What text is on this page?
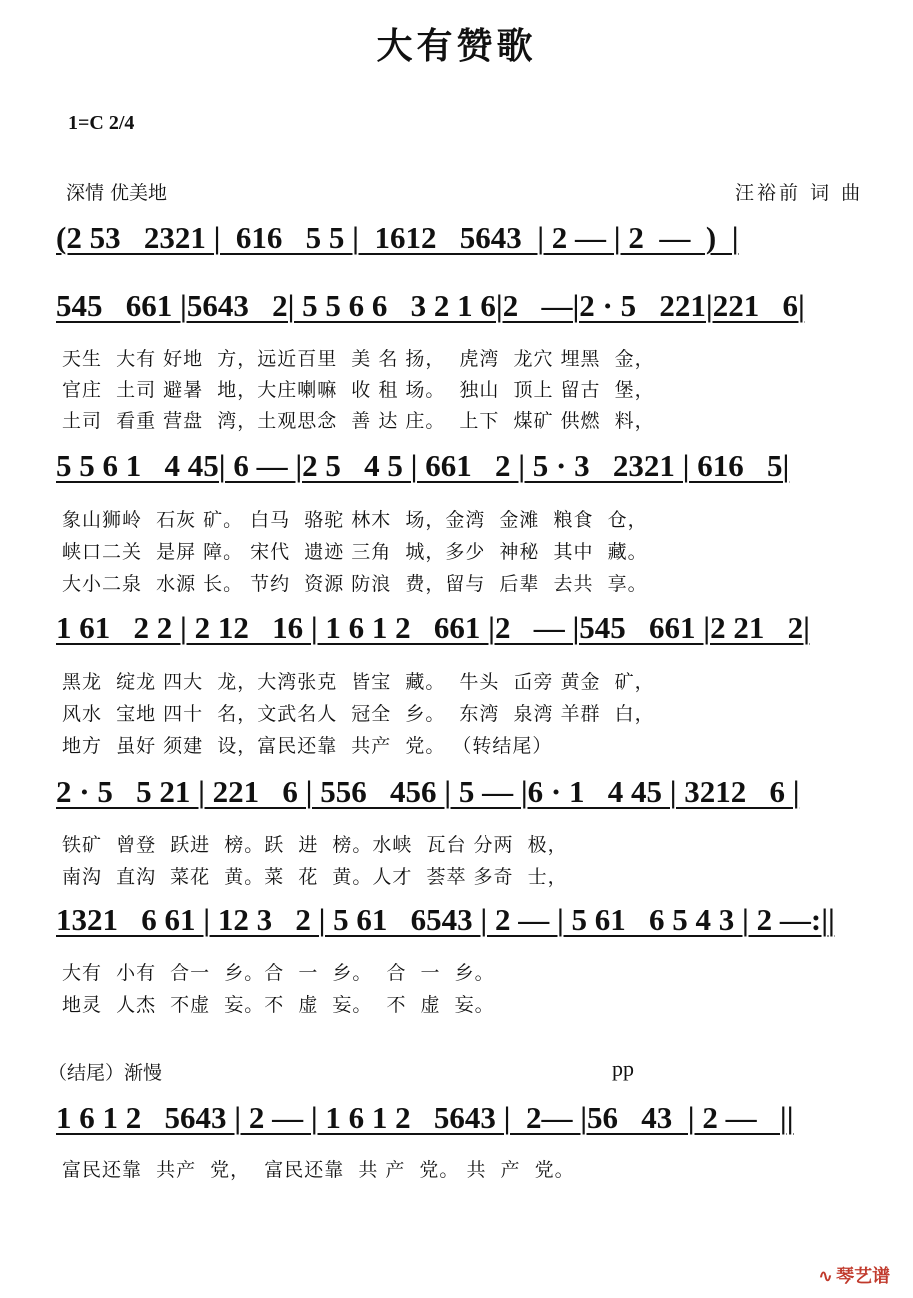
大有赞歌
1=C 2/4
深情 优美地	汪裕前 词 曲
(2 53   2321 |  616   5 5 |  1612   5643  | 2 — | 2  —  )  |
545   661 |5643   2| 5 5 6 6   3 2 1 6|2   —|2 · 5   221|221   6|
天生  大有 好地  方，远近百里  美 名 扬，  虎湾  龙穴 埋黑  金，
官庄  土司 避暑  地，大庄喇嘛  收 租 场。  独山  顶上 留古  堡，
土司  看重 营盘  湾，土观思念  善 达 庄。  上下  煤矿 供燃  料，
5 5 6 1   4 45| 6 — |2 5   4 5 | 661   2 | 5 · 3   2321 | 616   5|
象山狮岭  石灰 矿。 白马  骆驼 林木  场，金湾  金滩  粮食  仓，
峡口二关  是屏 障。 宋代  遗迹 三角  城，多少  神秘  其中  藏。
大小二泉  水源 长。 节约  资源 防浪  费，留与  后辈  去共  享。
1 61   2 2 | 2 12   16 | 1 6 1 2   661 |2   — |545   661 |2 21   2|
黑龙  绽龙 四大  龙，大湾张克  皆宝  藏。  牛头  屲旁 黄金  矿，
风水  宝地 四十  名，文武名人  冠全  乡。  东湾  泉湾 羊群  白，
地方  虽好 须建  设，富民还靠  共产  党。 （转结尾）
2 · 5   5 21 | 221   6 | 556   456 | 5 — |6 · 1   4 45 | 3212   6 |
铁矿  曾登  跃进  榜。跃  进  榜。水峡  瓦台 分两  极，
南沟  直沟  菜花  黄。菜  花  黄。人才  荟萃 多奇  士，
1321   6 61 | 12 3   2 | 5 61   6543 | 2 — | 5 61   6 5 4 3 | 2 —:||
大有  小有  合一  乡。合  一  乡。  合  一  乡。
地灵  人杰  不虚  妄。不  虚  妄。  不  虚  妄。
（结尾）渐慢	pp
1 6 1 2   5643 | 2 — | 1 6 1 2   5643 |  2— |56   43  | 2 —   ||
富民还靠  共产  党，  富民还靠  共 产  党。 共  产  党。
∿ 琴艺谱
